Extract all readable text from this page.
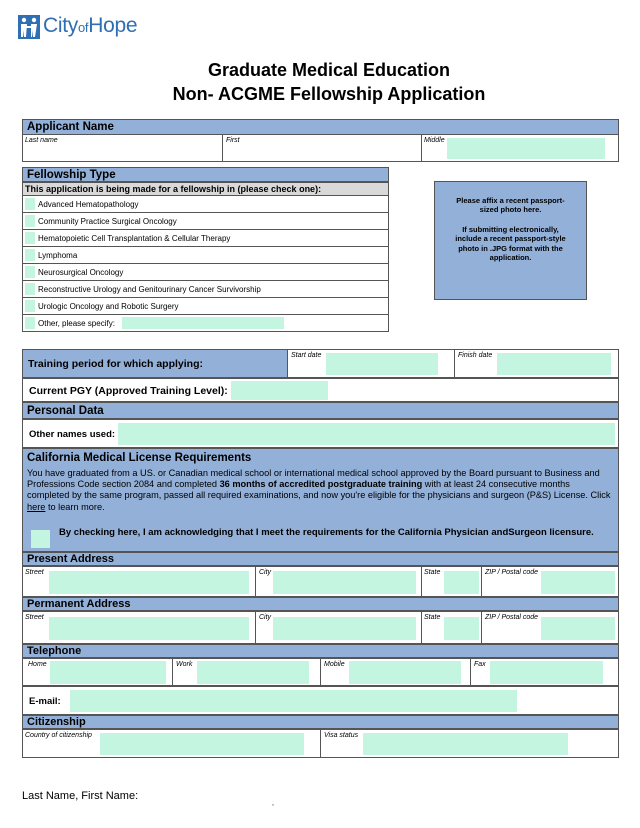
CityofHope
Graduate Medical Education
Non- ACGME Fellowship Application
Applicant Name
Last name	First	Middle
Fellowship Type
This application is being made for a fellowship in (please check one):
Advanced Hematopathology
Community Practice Surgical Oncology
Hematopoietic Cell Transplantation & Cellular Therapy
Lymphoma
Neurosurgical Oncology
Reconstructive Urology and Genitourinary Cancer Survivorship
Urologic Oncology and Robotic Surgery
Other, please specify:

Please affix a recent passport-sized photo here.

If submitting electronically, include a recent passport-style photo in .JPG format with the application.

Training period for which applying:
Start date	Finish date
Current PGY (Approved Training Level):
Personal Data
Other names used:
California Medical License Requirements
You have graduated from a US. or Canadian medical school or international medical school approved by the Board pursuant to Business and Professions Code section 2084 and completed 36 months of accredited postgraduate training with at least 24 consecutive months completed by the same program, passed all required examinations, and now you're eligible for the physicians and surgeon (P&S) License. Click here to learn more.
By checking here, I am acknowledging that I meet the requirements for the California Physician andSurgeon licensure.
Present Address
Street	City	State	ZIP / Postal code
Permanent Address
Street	City	State	ZIP / Postal code
Telephone
Home	Work	Mobile	Fax
E-mail:
Citizenship
Country of citizenship	Visa status
Last Name, First Name:
,
